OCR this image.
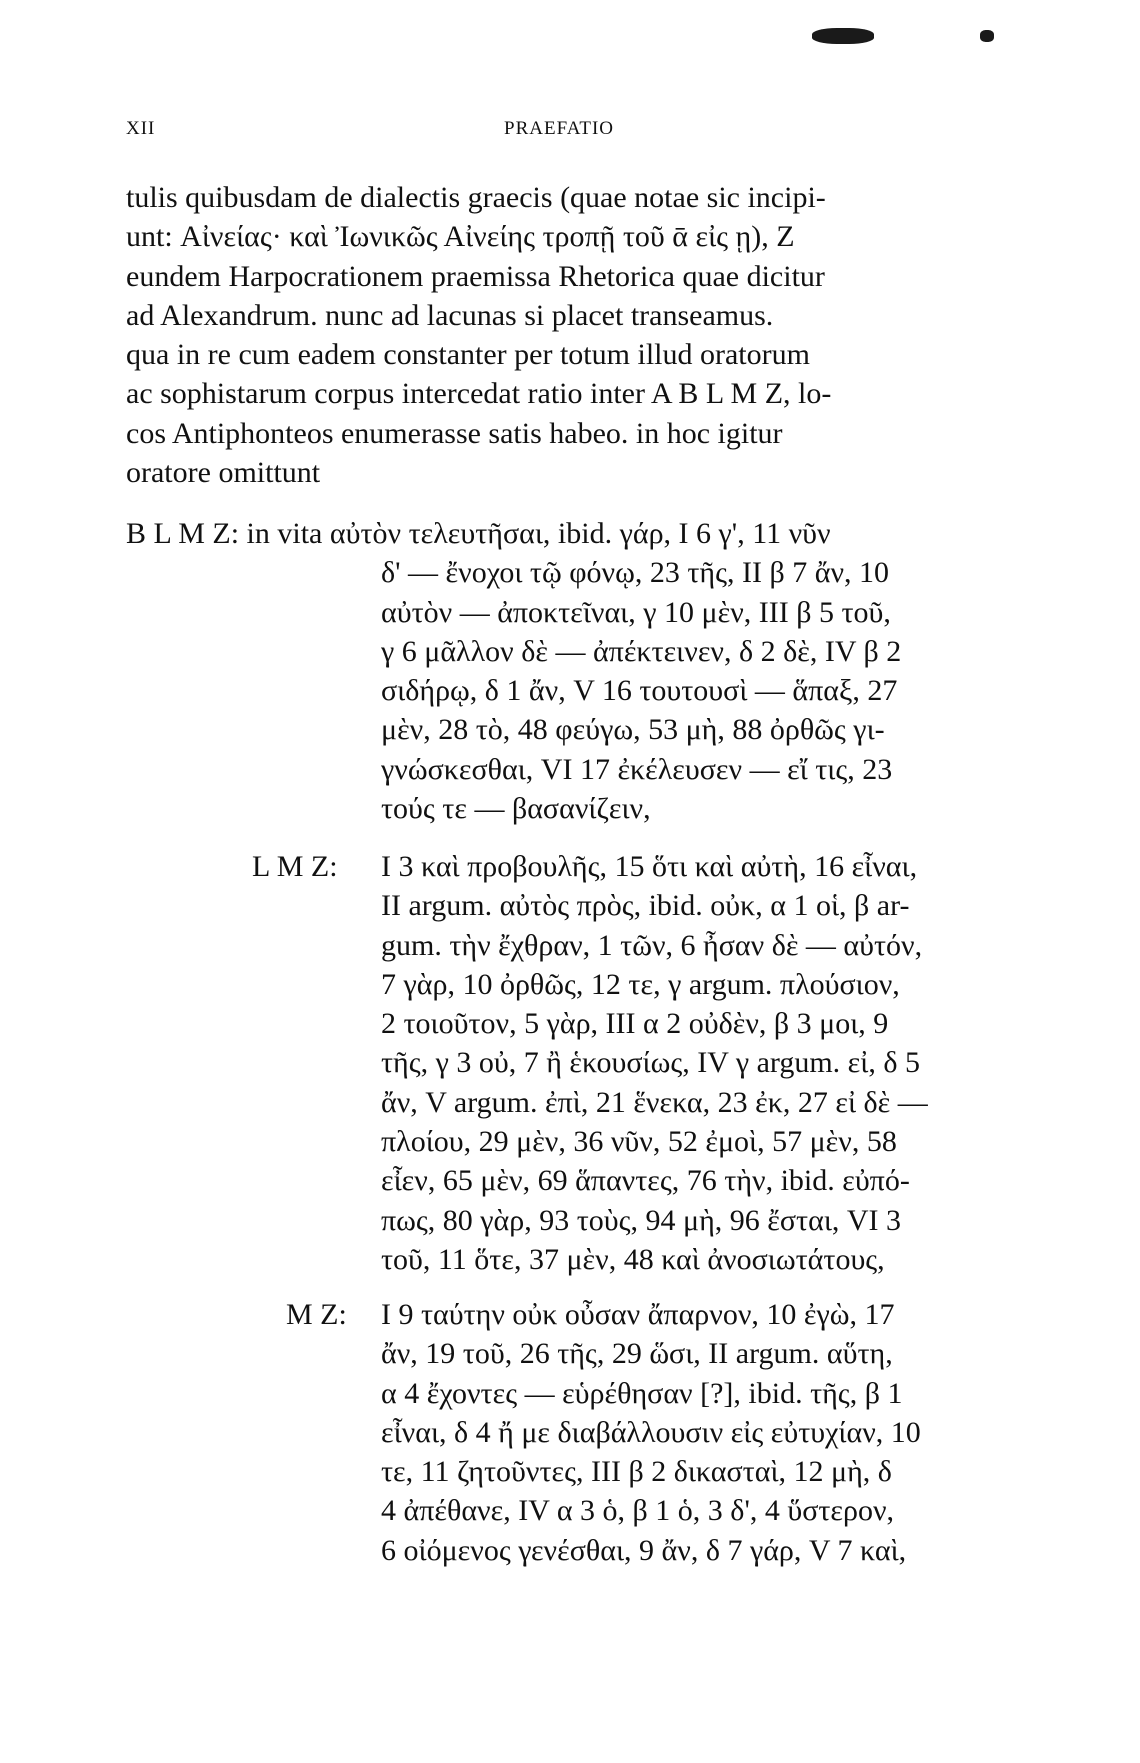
XII	PRAEFATIO
tulis quibusdam de dialectis graecis (quae notae sic incipi-
unt: Αἰνείας· καὶ Ἰωνικῶς Αἰνείης τροπῇ τοῦ ᾱ εἰς ῃ), Z
eundem Harpocrationem praemissa Rhetorica quae dicitur
ad Alexandrum. nunc ad lacunas si placet transeamus.
qua in re cum eadem constanter per totum illud oratorum
ac sophistarum corpus intercedat ratio inter A B L M Z, lo-
cos Antiphonteos enumerasse satis habeo. in hoc igitur
oratore omittunt
B L M Z: in vita αὐτὸν τελευτῆσαι, ibid. γάρ, I 6 γ', 11 νῦν
δ' — ἔνοχοι τῷ φόνῳ, 23 τῆς, II β 7 ἄν, 10
αὐτὸν — ἀποκτεῖναι, γ 10 μὲν, III β 5 τοῦ,
γ 6 μᾶλλον δὲ — ἀπέκτεινεν, δ 2 δὲ, IV β 2
σιδήρῳ, δ 1 ἄν, V 16 τουτουσὶ — ἅπαξ, 27
μὲν, 28 τὸ, 48 φεύγω, 53 μὴ, 88 ὀρθῶς γι-
γνώσκεσθαι, VI 17 ἐκέλευσεν — εἴ τις, 23
τούς τε — βασανίζειν,
L M Z: I 3 καὶ προβουλῆς, 15 ὅτι καὶ αὐτὴ, 16 εἶναι,
II argum. αὐτὸς πρὸς, ibid. οὐκ, α 1 οἱ, β ar-
gum. τὴν ἔχθραν, 1 τῶν, 6 ἦσαν δὲ — αὐτόν,
7 γὰρ, 10 ὀρθῶς, 12 τε, γ argum. πλούσιον,
2 τοιοῦτον, 5 γὰρ, III α 2 οὐδὲν, β 3 μοι, 9
τῆς, γ 3 οὐ, 7 ἢ ἑκουσίως, IV γ argum. εἰ, δ 5
ἄν, V argum. ἐπὶ, 21 ἕνεκα, 23 ἐκ, 27 εἰ δὲ —
πλοίου, 29 μὲν, 36 νῦν, 52 ἐμοὶ, 57 μὲν, 58
εἶεν, 65 μὲν, 69 ἅπαντες, 76 τὴν, ibid. εὐπό-
πως, 80 γὰρ, 93 τοὺς, 94 μὴ, 96 ἔσται, VI 3
τοῦ, 11 ὅτε, 37 μὲν, 48 καὶ ἀνοσιωτάτους,
M Z: I 9 ταύτην οὐκ οὖσαν ἄπαρνον, 10 ἐγὼ, 17
ἄν, 19 τοῦ, 26 τῆς, 29 ὥσι, II argum. αὕτη,
α 4 ἔχοντες — εὑρέθησαν [?], ibid. τῆς, β 1
εἶναι, δ 4 ἤ με διαβάλλουσιν εἰς εὐτυχίαν, 10
τε, 11 ζητοῦντες, III β 2 δικασταὶ, 12 μὴ, δ
4 ἀπέθανε, IV α 3 ὁ, β 1 ὁ, 3 δ', 4 ὕστερον,
6 οἰόμενος γενέσθαι, 9 ἄν, δ 7 γάρ, V 7 καὶ,
